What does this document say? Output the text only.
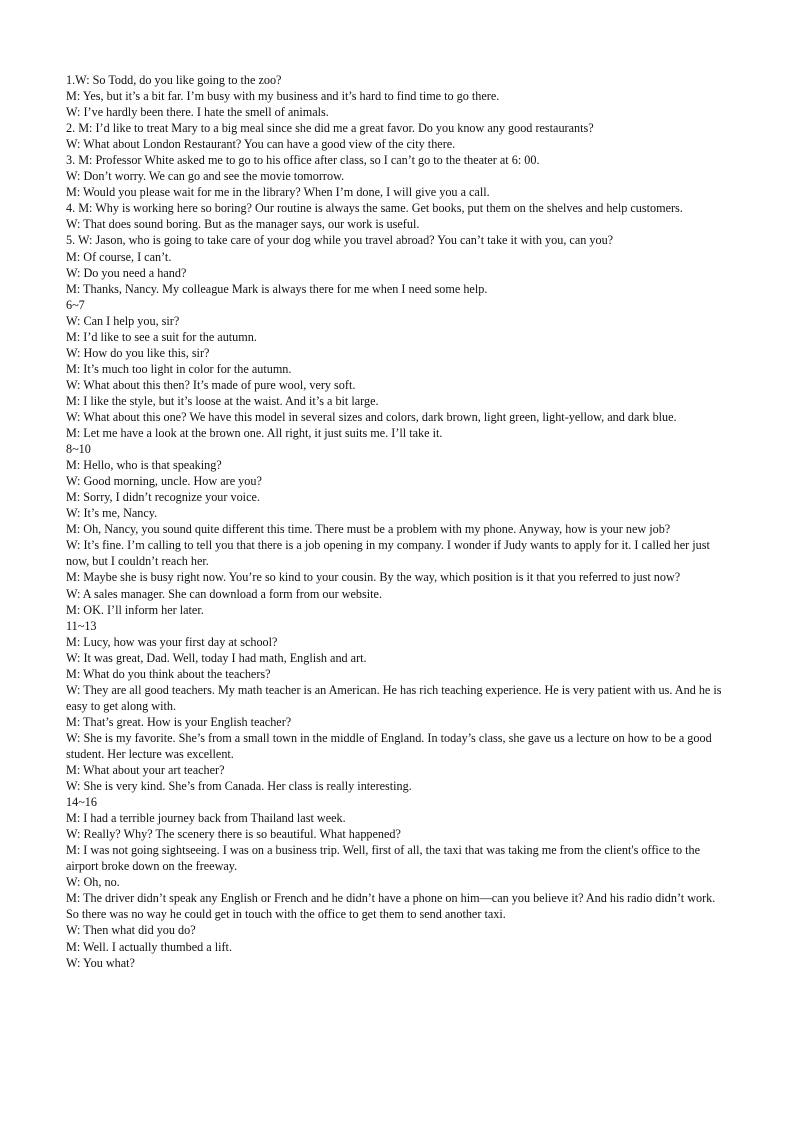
1.W: So Todd, do you like going to the zoo?

M: Yes, but it’s a bit far. I’m busy with my business and it’s hard to find time to go there.

W: I’ve hardly been there. I hate the smell of animals.

2. M: I’d like to treat Mary to a big meal since she did me a great favor. Do you know any good restaurants?

W: What about London Restaurant? You can have a good view of the city there.

3. M: Professor White asked me to go to his office after class, so I can’t go to the theater at 6: 00.

W: Don’t worry. We can go and see the movie tomorrow.

M: Would you please wait for me in the library? When I’m done, I will give you a call.

4. M: Why is working here so boring? Our routine is always the same. Get books, put them on the shelves and help customers.

W: That does sound boring. But as the manager says, our work is useful.

5. W: Jason, who is going to take care of your dog while you travel abroad? You can’t take it with you, can you?

M: Of course, I can’t.

W: Do you need a hand?

M: Thanks, Nancy. My colleague Mark is always there for me when I need some help.

6~7

W: Can I help you, sir?

M: I’d like to see a suit for the autumn.

W: How do you like this, sir?

M: It’s much too light in color for the autumn.

W: What about this then? It’s made of pure wool, very soft.

M: I like the style, but it’s loose at the waist. And it’s a bit large.

W: What about this one? We have this model in several sizes and colors, dark brown, light green, light-yellow, and dark blue.

M: Let me have a look at the brown one. All right, it just suits me. I’ll take it.

8~10

M: Hello, who is that speaking?

W: Good morning, uncle. How are you?

M: Sorry, I didn’t recognize your voice.

W: It’s me, Nancy.

M: Oh, Nancy, you sound quite different this time. There must be a problem with my phone. Anyway, how is your new job?

W: It’s fine. I’m calling to tell you that there is a job opening in my company. I wonder if Judy wants to apply for it. I called her just now, but I couldn’t reach her.

M: Maybe she is busy right now. You’re so kind to your cousin. By the way, which position is it that you referred to just now?

W: A sales manager. She can download a form from our website.

M: OK. I’ll inform her later.

11~13

M: Lucy, how was your first day at school?

W: It was great, Dad. Well, today I had math, English and art.

M: What do you think about the teachers?

W: They are all good teachers. My math teacher is an American. He has rich teaching experience. He is very patient with us. And he is easy to get along with.

M: That’s great. How is your English teacher?

W: She is my favorite. She’s from a small town in the middle of England. In today’s class, she gave us a lecture on how to be a good student. Her lecture was excellent.

M: What about your art teacher?

W: She is very kind. She’s from Canada. Her class is really interesting.

14~16

M: I had a terrible journey back from Thailand last week.

W: Really? Why? The scenery there is so beautiful. What happened?

M: I was not going sightseeing. I was on a business trip. Well, first of all, the taxi that was taking me from the client's office to the airport broke down on the freeway.

W: Oh, no.

M: The driver didn’t speak any English or French and he didn’t have a phone on him—can you believe it? And his radio didn’t work. So there was no way he could get in touch with the office to get them to send another taxi.

W: Then what did you do?

M: Well. I actually thumbed a lift.

W: You what?
